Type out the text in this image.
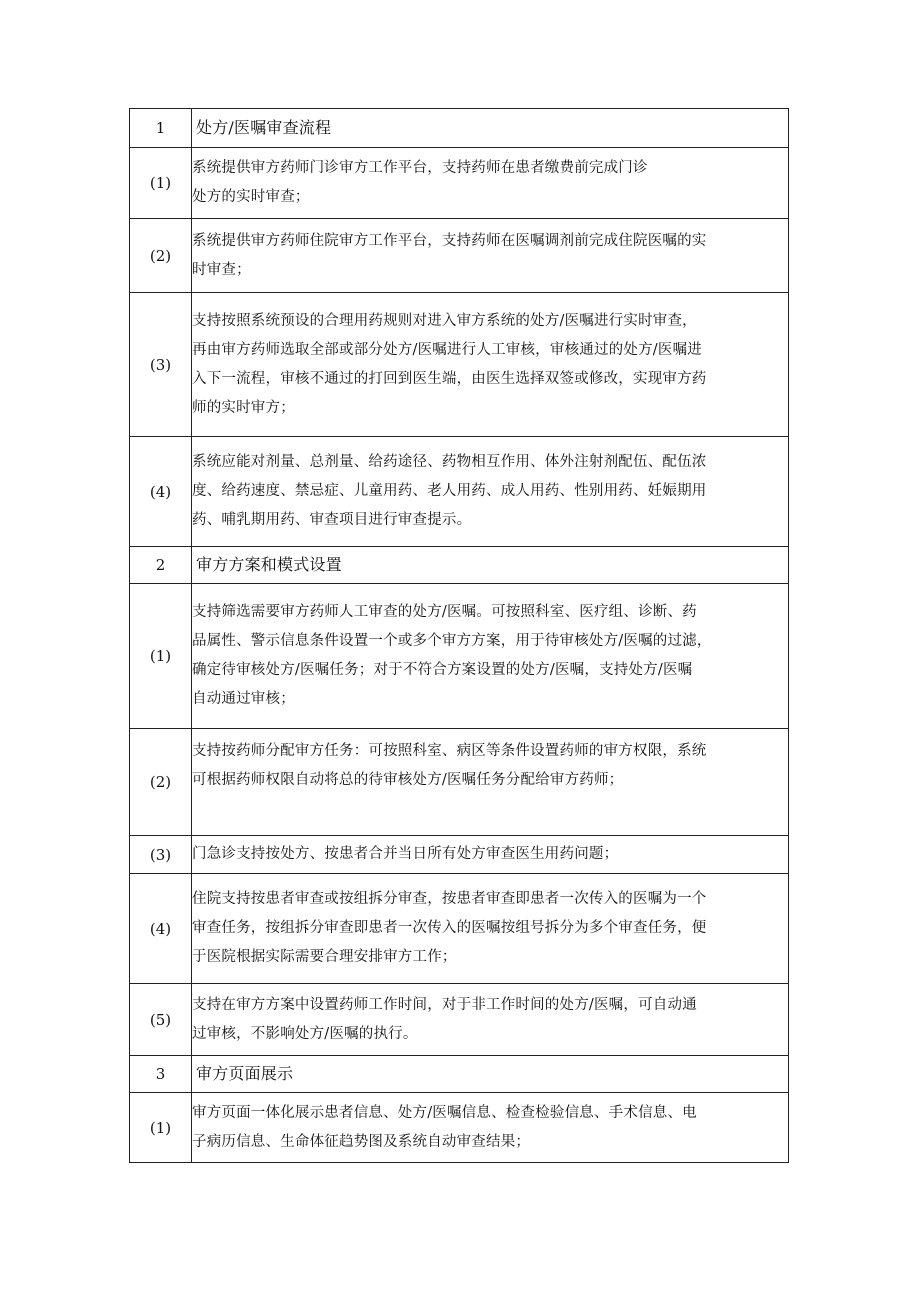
1	处方/医嘱审查流程
(1)	系统提供审方药师门诊审方工作平台，支持药师在患者缴费前完成门诊
处方的实时审查；

(2)	系统提供审方药师住院审方工作平台，支持药师在医嘱调剂前完成住院医嘱的实
时审查；

(3)	支持按照系统预设的合理用药规则对进入审方系统的处方/医嘱进行实时审查，
再由审方药师选取全部或部分处方/医嘱进行人工审核，审核通过的处方/医嘱进
入下一流程，审核不通过的打回到医生端，由医生选择双签或修改，实现审方药
师的实时审方；

(4)	系统应能对剂量、总剂量、给药途径、药物相互作用、体外注射剂配伍、配伍浓
度、给药速度、禁忌症、儿童用药、老人用药、成人用药、性别用药、妊娠期用
药、哺乳期用药、审查项目进行审查提示。

2	审方方案和模式设置
(1)	支持筛选需要审方药师人工审查的处方/医嘱。可按照科室、医疗组、诊断、药
品属性、警示信息条件设置一个或多个审方方案，用于待审核处方/医嘱的过滤，
确定待审核处方/医嘱任务；对于不符合方案设置的处方/医嘱，支持处方/医嘱
自动通过审核；

(2)	支持按药师分配审方任务：可按照科室、病区等条件设置药师的审方权限，系统
可根据药师权限自动将总的待审核处方/医嘱任务分配给审方药师；

(3)	门急诊支持按处方、按患者合并当日所有处方审查医生用药问题；

(4)	住院支持按患者审查或按组拆分审查，按患者审查即患者一次传入的医嘱为一个
审查任务，按组拆分审查即患者一次传入的医嘱按组号拆分为多个审查任务，便
于医院根据实际需要合理安排审方工作；

(5)	支持在审方方案中设置药师工作时间，对于非工作时间的处方/医嘱，可自动通
过审核，不影响处方/医嘱的执行。

3	审方页面展示
(1)	审方页面一体化展示患者信息、处方/医嘱信息、检查检验信息、手术信息、电
子病历信息、生命体征趋势图及系统自动审查结果；
